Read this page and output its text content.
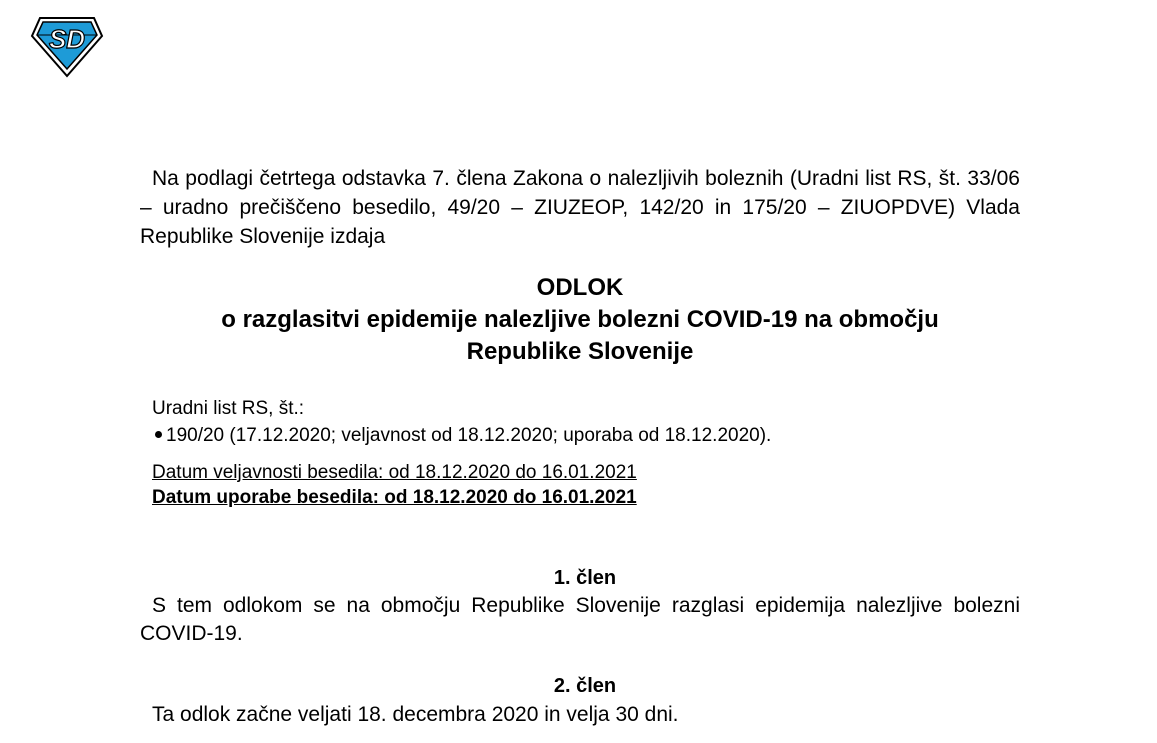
SD
Na podlagi četrtega odstavka 7. člena Zakona o nalezljivih boleznih (Uradni list RS, št. 33/06 – uradno prečiščeno besedilo, 49/20 – ZIUZEOP, 142/20 in 175/20 – ZIUOPDVE) Vlada Republike Slovenije izdaja
ODLOK
o razglasitvi epidemije nalezljive bolezni COVID-19 na območju
Republike Slovenije
Uradni list RS, št.:
190/20 (17.12.2020; veljavnost od 18.12.2020; uporaba od 18.12.2020).
Datum veljavnosti besedila: od 18.12.2020 do 16.01.2021
Datum uporabe besedila: od 18.12.2020 do 16.01.2021
1. člen
S tem odlokom se na območju Republike Slovenije razglasi epidemija nalezljive bolezni COVID-19.
2. člen
Ta odlok začne veljati 18. decembra 2020 in velja 30 dni.
